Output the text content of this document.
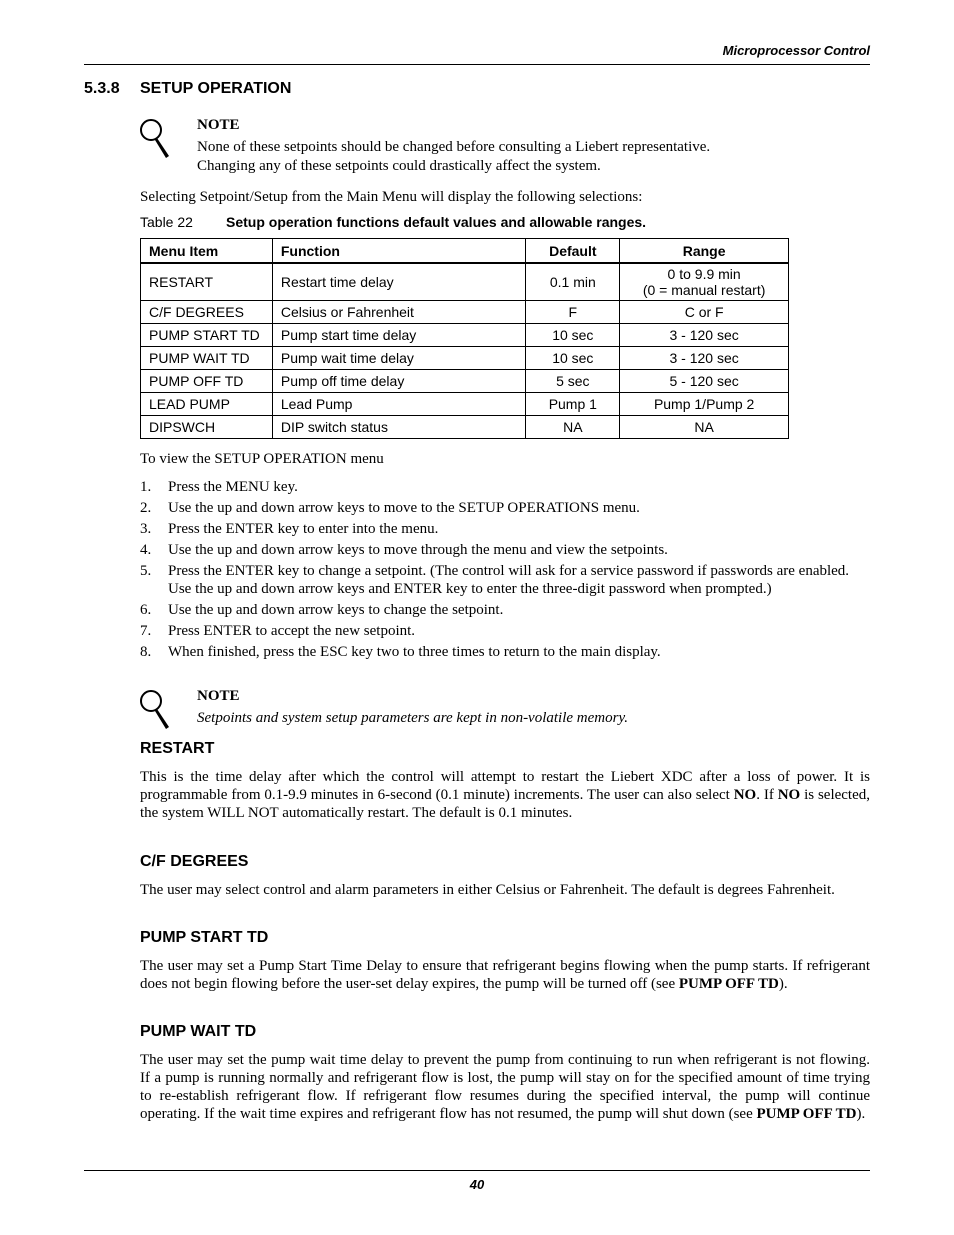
Microprocessor Control
5.3.8 SETUP OPERATION
NOTE
None of these setpoints should be changed before consulting a Liebert representative.
Changing any of these setpoints could drastically affect the system.
Selecting Setpoint/Setup from the Main Menu will display the following selections:
Table 22 Setup operation functions default values and allowable ranges.
Menu Item	Function	Default	Range
RESTART	Restart time delay	0.1 min	0 to 9.9 min
(0 = manual restart)

C/F DEGREES	Celsius or Fahrenheit	F	C or F
PUMP START TD	Pump start time delay	10 sec	3 - 120 sec
PUMP WAIT TD	Pump wait time delay	10 sec	3 - 120 sec
PUMP OFF TD	Pump off time delay	5 sec	5 - 120 sec
LEAD PUMP	Lead Pump	Pump 1	Pump 1/Pump 2
DIPSWCH	DIP switch status	NA	NA
To view the SETUP OPERATION menu
1. Press the MENU key.
2. Use the up and down arrow keys to move to the SETUP OPERATIONS menu.
3. Press the ENTER key to enter into the menu.
4. Use the up and down arrow keys to move through the menu and view the setpoints.
5. Press the ENTER key to change a setpoint. (The control will ask for a service password if passwords are enabled. Use the up and down arrow keys and ENTER key to enter the three-digit password when prompted.)
6. Use the up and down arrow keys to change the setpoint.
7. Press ENTER to accept the new setpoint.
8. When finished, press the ESC key two to three times to return to the main display.
NOTE
Setpoints and system setup parameters are kept in non-volatile memory.
RESTART
This is the time delay after which the control will attempt to restart the Liebert XDC after a loss of power. It is programmable from 0.1-9.9 minutes in 6-second (0.1 minute) increments. The user can also select NO. If NO is selected, the system WILL NOT automatically restart. The default is 0.1 minutes.
C/F DEGREES
The user may select control and alarm parameters in either Celsius or Fahrenheit. The default is degrees Fahrenheit.
PUMP START TD
The user may set a Pump Start Time Delay to ensure that refrigerant begins flowing when the pump starts. If refrigerant does not begin flowing before the user-set delay expires, the pump will be turned off (see PUMP OFF TD).
PUMP WAIT TD
The user may set the pump wait time delay to prevent the pump from continuing to run when refrigerant is not flowing. If a pump is running normally and refrigerant flow is lost, the pump will stay on for the specified amount of time trying to re-establish refrigerant flow. If refrigerant flow resumes during the specified interval, the pump will continue operating. If the wait time expires and refrigerant flow has not resumed, the pump will shut down (see PUMP OFF TD).
40
